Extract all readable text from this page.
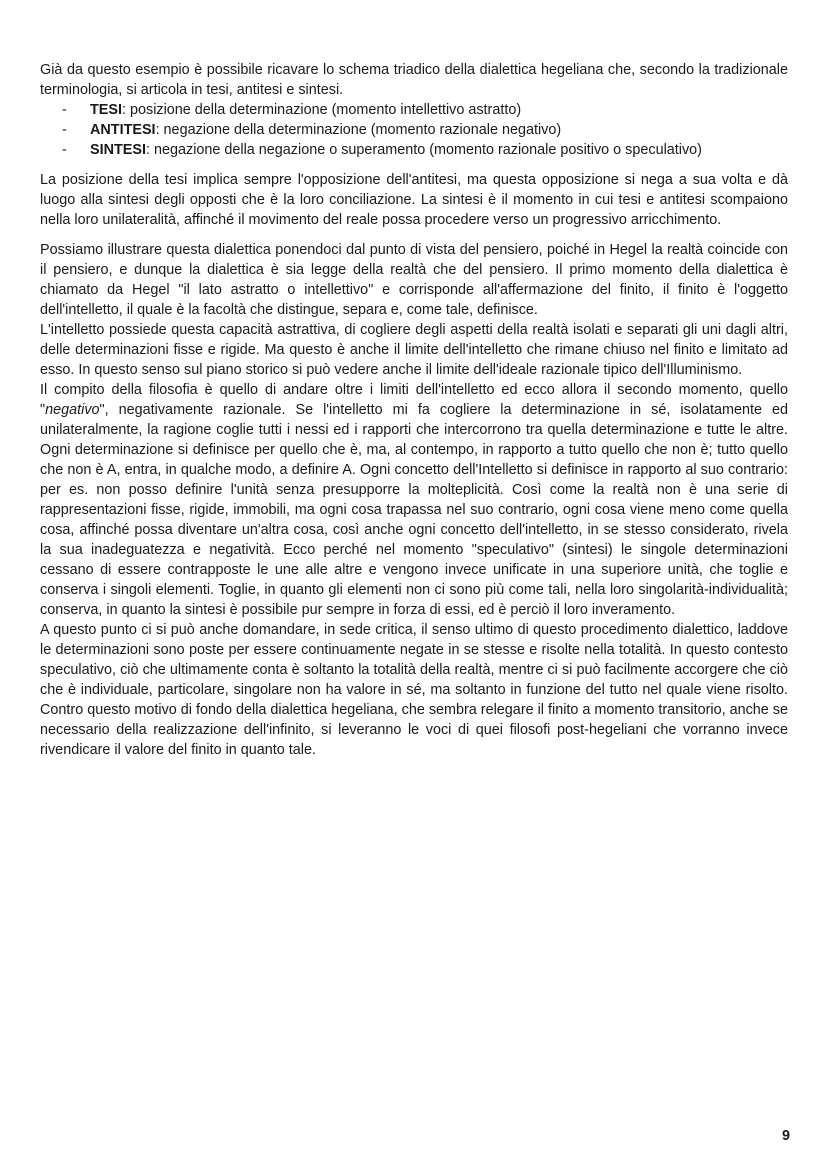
Già da questo esempio è possibile ricavare lo schema triadico della dialettica hegeliana che, secondo la tradizionale terminologia, si articola in tesi, antitesi e sintesi.

- TESI: posizione della determinazione (momento intellettivo astratto)
- ANTITESI: negazione della determinazione (momento razionale negativo)
- SINTESI: negazione della negazione o superamento (momento razionale positivo o speculativo)

La posizione della tesi implica sempre l'opposizione dell'antitesi, ma questa opposizione si nega a sua volta e dà luogo alla sintesi degli opposti che è la loro conciliazione. La sintesi è il momento in cui tesi e antitesi scompaiono nella loro unilateralità, affinché il movimento del reale possa procedere verso un progressivo arricchimento.

Possiamo illustrare questa dialettica ponendoci dal punto di vista del pensiero, poiché in Hegel la realtà coincide con il pensiero, e dunque la dialettica è sia legge della realtà che del pensiero. Il primo momento della dialettica è chiamato da Hegel "il lato astratto o intellettivo" e corrisponde all'affermazione del finito, il finito è l'oggetto dell'intelletto, il quale è la facoltà che distingue, separa e, come tale, definisce.

L'intelletto possiede questa capacità astrattiva, di cogliere degli aspetti della realtà isolati e separati gli uni dagli altri, delle determinazioni fisse e rigide. Ma questo è anche il limite dell'intelletto che rimane chiuso nel finito e limitato ad esso. In questo senso sul piano storico si può vedere anche il limite dell'ideale razionale tipico dell'Illuminismo.

Il compito della filosofia è quello di andare oltre i limiti dell'intelletto ed ecco allora il secondo momento, quello "negativo", negativamente razionale. Se l'intelletto mi fa cogliere la determinazione in sé, isolatamente ed unilateralmente, la ragione coglie tutti i nessi ed i rapporti che intercorrono tra quella determinazione e tutte le altre. Ogni determinazione si definisce per quello che è, ma, al contempo, in rapporto a tutto quello che non è; tutto quello che non è A, entra, in qualche modo, a definire A. Ogni concetto dell'Intelletto si definisce in rapporto al suo contrario: per es. non posso definire l'unità senza presupporre la molteplicità. Così come la realtà non è una serie di rappresentazioni fisse, rigide, immobili, ma ogni cosa trapassa nel suo contrario, ogni cosa viene meno come quella cosa, affinché possa diventare un'altra cosa, così anche ogni concetto dell'intelletto, in se stesso considerato, rivela la sua inadeguatezza e negatività. Ecco perché nel momento "speculativo" (sintesi) le singole determinazioni cessano di essere contrapposte le une alle altre e vengono invece unificate in una superiore unità, che toglie e conserva i singoli elementi. Toglie, in quanto gli elementi non ci sono più come tali, nella loro singolarità-individualità; conserva, in quanto la sintesi è possibile pur sempre in forza di essi, ed è perciò il loro inveramento.

A questo punto ci si può anche domandare, in sede critica, il senso ultimo di questo procedimento dialettico, laddove le determinazioni sono poste per essere continuamente negate in se stesse e risolte nella totalità. In questo contesto speculativo, ciò che ultimamente conta è soltanto la totalità della realtà, mentre ci si può facilmente accorgere che ciò che è individuale, particolare, singolare non ha valore in sé, ma soltanto in funzione del tutto nel quale viene risolto. Contro questo motivo di fondo della dialettica hegeliana, che sembra relegare il finito a momento transitorio, anche se necessario della realizzazione dell'infinito, si leveranno le voci di quei filosofi post-hegeliani che vorranno invece rivendicare il valore del finito in quanto tale.

9
